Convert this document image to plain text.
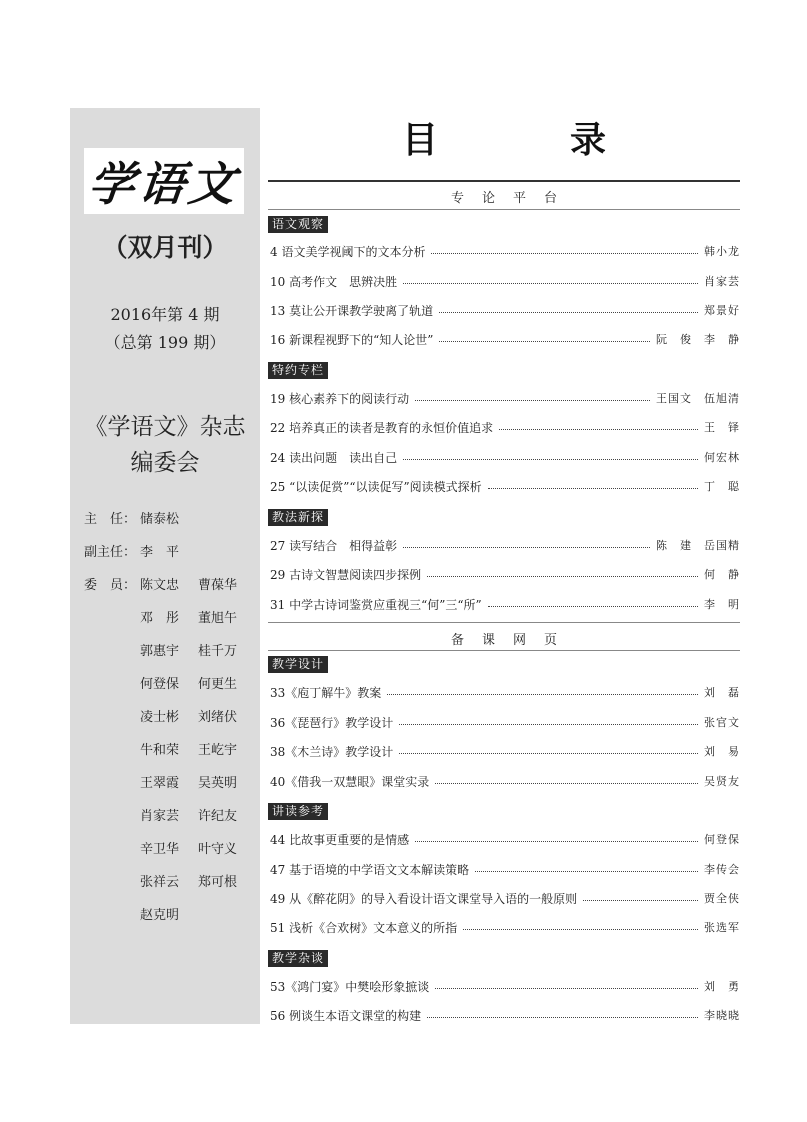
学语文
（双月刊）
2016年第 4 期
（总第 199 期）
《学语文》杂志
编委会
主　任： 储泰松
副主任： 李　平
委　员： 陈文忠 曹葆华
邓　彤 董旭午
郭惠宇 桂千万
何登保 何更生
凌士彬 刘绪伏
牛和荣 王屹宇
王翠霞 吴英明
肖家芸 许纪友
辛卫华 叶守义
张祥云 郑可根
赵克明
目　录
专论平台
语文观察
4 语文美学视阈下的文本分析	韩小龙
10 高考作文　思辨决胜	肖家芸
13 莫让公开课教学驶离了轨道	郑景好
16 新课程视野下的“知人论世”	阮　俊　李　静
特约专栏
19 核心素养下的阅读行动	王国文　伍旭清
22 培养真正的读者是教育的永恒价值追求	王　铎
24 读出问题　读出自己	何宏林
25 “以读促赏”“以读促写”阅读模式探析	丁　聪
教法新探
27 读写结合　相得益彰	陈　建　岳国精
29 古诗文智慧阅读四步探例	何　静
31 中学古诗词鉴赏应重视三“何”三“所”	李　明
备课网页
教学设计
33《庖丁解牛》教案	刘　磊
36《琵琶行》教学设计	张官文
38《木兰诗》教学设计	刘　易
40《借我一双慧眼》课堂实录	吴贤友
讲读参考
44 比故事更重要的是情感	何登保
47 基于语境的中学语文文本解读策略	李传会
49 从《醉花阴》的导入看设计语文课堂导入语的一般原则	贾全侠
51 浅析《合欢树》文本意义的所指	张选军
教学杂谈
53《鸿门宴》中樊哙形象摭谈	刘　勇
56 例谈生本语文课堂的构建	李晓晓
